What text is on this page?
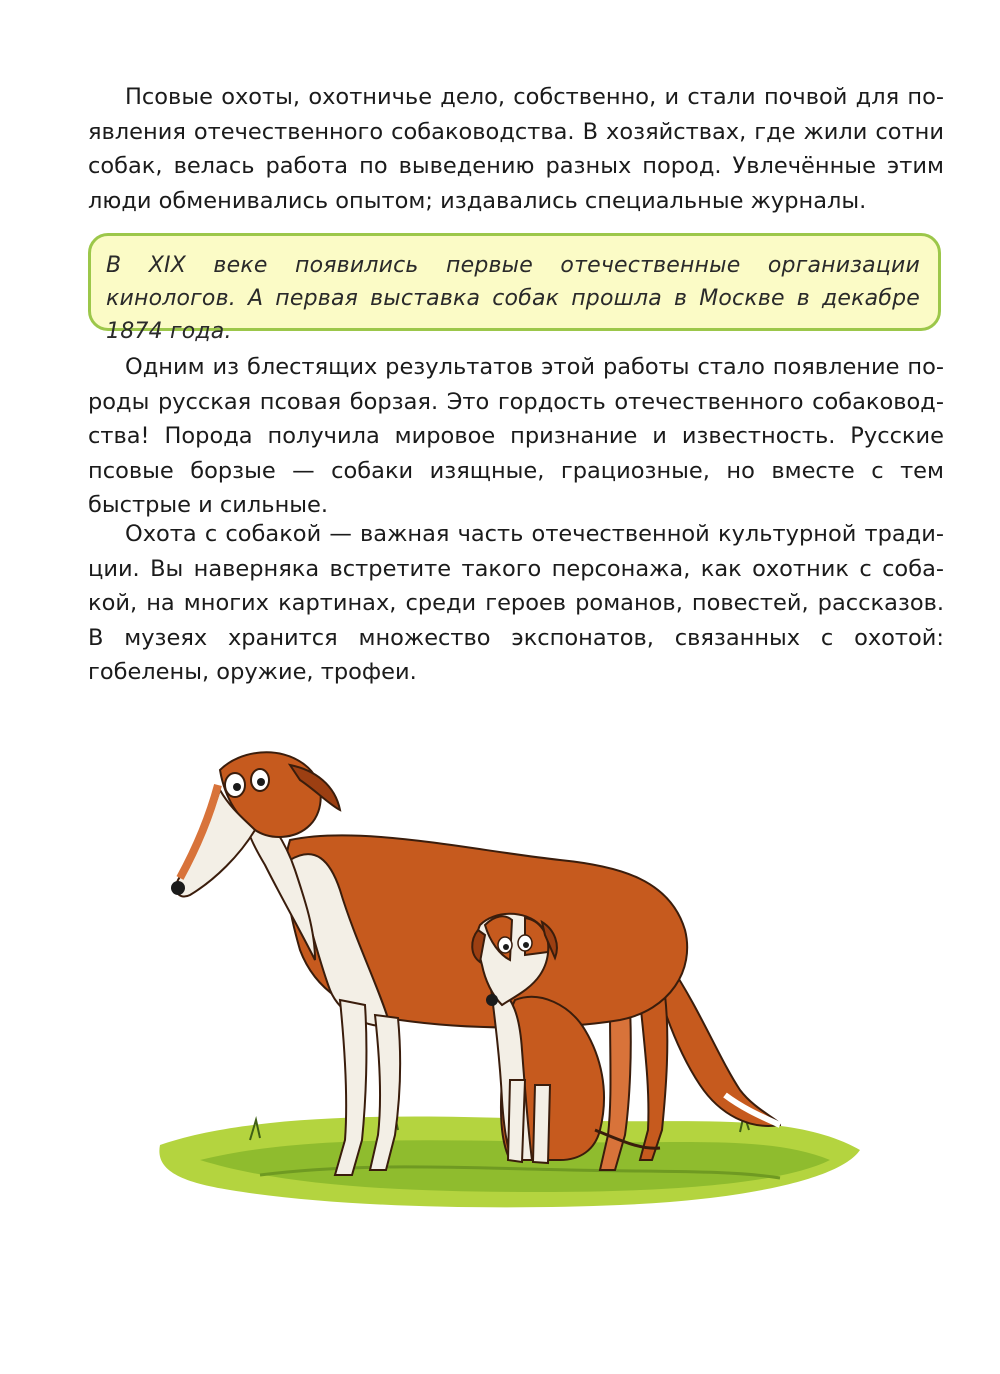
Псовые охоты, охотничье дело, собственно, и стали почвой для появления отечественного собаководства. В хозяйствах, где жили сотни собак, велась работа по выведению разных пород. Увлечённые этим люди обменивались опытом; издавались специальные журналы.

В XIX веке появились первые отечественные организации кинологов. А первая выставка собак прошла в Москве в декабре 1874 года.

Одним из блестящих результатов этой работы стало появление породы русская псовая борзая. Это гордость отечественного собаководства! Порода получила мировое признание и известность. Русские псовые борзые — собаки изящные, грациозные, но вместе с тем быстрые и сильные.

Охота с собакой — важная часть отечественной культурной традиции. Вы наверняка встретите такого персонажа, как охотник с собакой, на многих картинах, среди героев романов, повестей, рассказов. В музеях хранится множество экспонатов, связанных с охотой: гобелены, оружие, трофеи.
